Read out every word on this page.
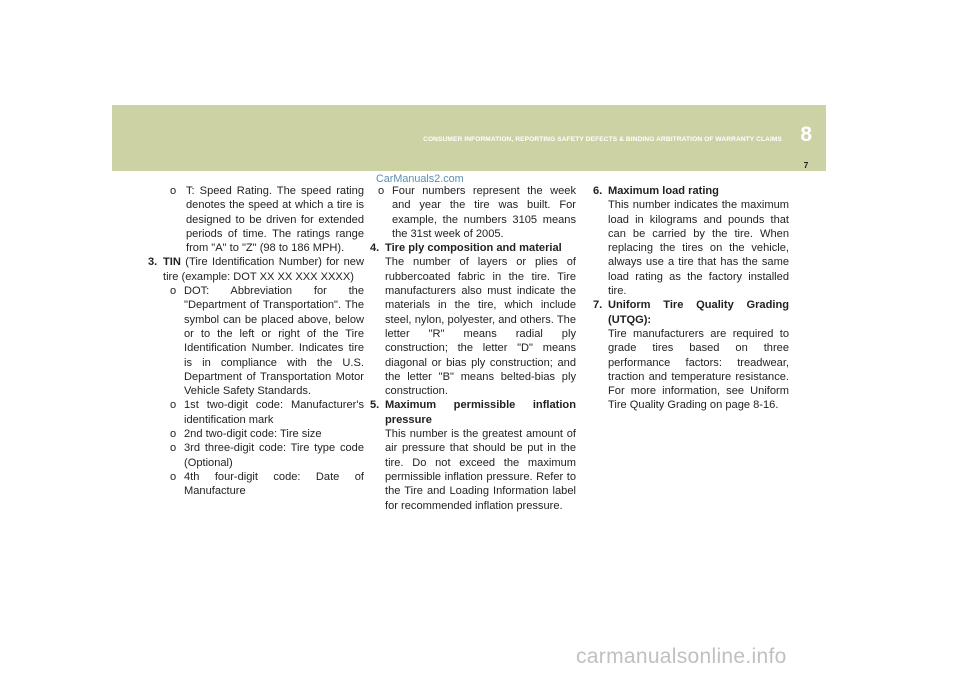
CONSUMER INFORMATION, REPORTING SAFETY DEFECTS & BINDING ARBITRATION OF WARRANTY CLAIMS 8
7
CarManuals2.com
o T: Speed Rating. The speed rating denotes the speed at which a tire is designed to be driven for extended periods of time. The ratings range from "A" to "Z" (98 to 186 MPH).
3. TIN (Tire Identification Number) for new tire (example: DOT XX XX XXX XXXX)
o DOT: Abbreviation for the "Department of Transportation". The symbol can be placed above, below or to the left or right of the Tire Identification Number. Indicates tire is in compliance with the U.S. Department of Transportation Motor Vehicle Safety Standards.
o 1st two-digit code: Manufacturer's identification mark
o 2nd two-digit code: Tire size
o 3rd three-digit code: Tire type code (Optional)
o 4th four-digit code: Date of Manufacture
o Four numbers represent the week and year the tire was built. For example, the numbers 3105 means the 31st week of 2005.
4. Tire ply composition and material
The number of layers or plies of rubbercoated fabric in the tire. Tire manufacturers also must indicate the materials in the tire, which include steel, nylon, polyester, and others. The letter "R" means radial ply construction; the letter "D" means diagonal or bias ply construction; and the letter "B" means belted-bias ply construction.
5. Maximum permissible inflation pressure
This number is the greatest amount of air pressure that should be put in the tire. Do not exceed the maximum permissible inflation pressure. Refer to the Tire and Loading Information label for recommended inflation pressure.
6. Maximum load rating
This number indicates the maximum load in kilograms and pounds that can be carried by the tire. When replacing the tires on the vehicle, always use a tire that has the same load rating as the factory installed tire.
7. Uniform Tire Quality Grading (UTQG):
Tire manufacturers are required to grade tires based on three performance factors: treadwear, traction and temperature resistance. For more information, see Uniform Tire Quality Grading on page 8-16.
carmanualsonline.info
